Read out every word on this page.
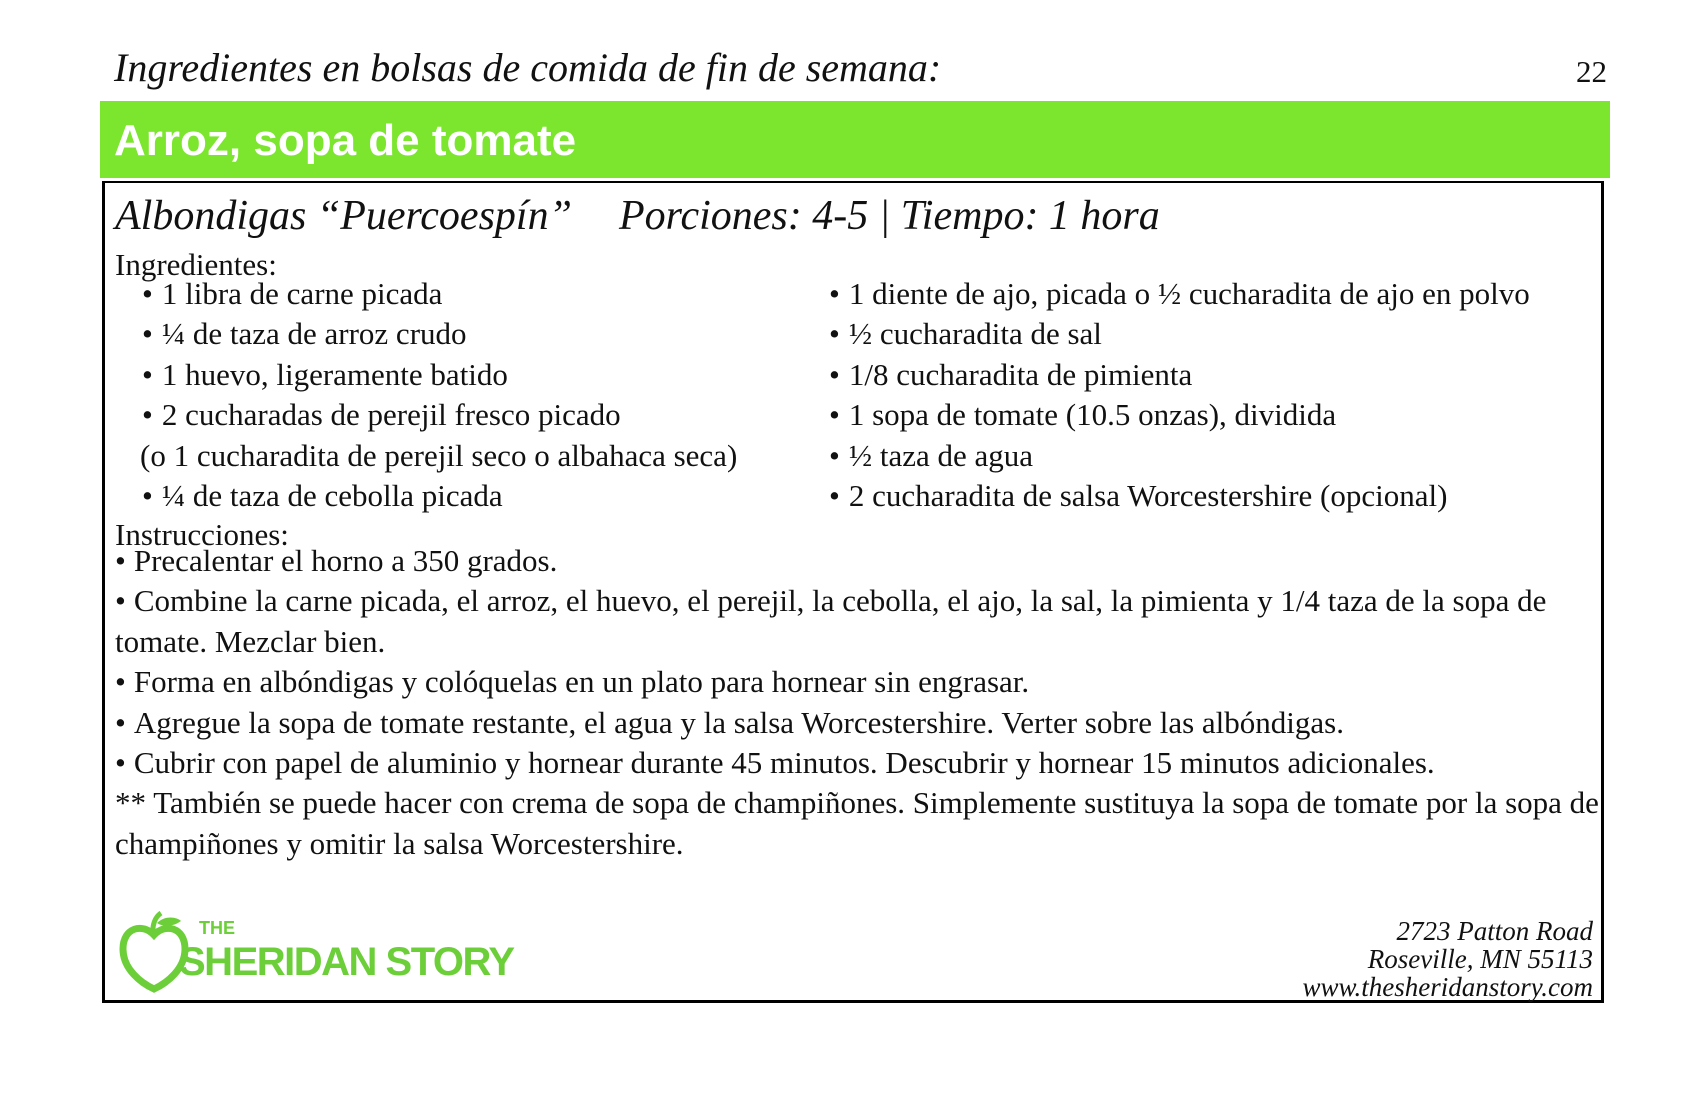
Ingredientes en bolsas de comida de fin de semana:	22
Arroz, sopa de tomate
Albondigas “Puercoespín” Porciones: 4-5 | Tiempo: 1 hora
Ingredientes:
• 1 libra de carne picada
• ¼ de taza de arroz crudo
• 1 huevo, ligeramente batido
• 2 cucharadas de perejil fresco picado
(o 1 cucharadita de perejil seco o albahaca seca)
• ¼ de taza de cebolla picada
• 1 diente de ajo, picada o ½ cucharadita de ajo en polvo
• ½ cucharadita de sal
• 1/8 cucharadita de pimienta
• 1 sopa de tomate (10.5 onzas), dividida
• ½ taza de agua
• 2 cucharadita de salsa Worcestershire (opcional)
Instrucciones:
• Precalentar el horno a 350 grados.
• Combine la carne picada, el arroz, el huevo, el perejil, la cebolla, el ajo, la sal, la pimienta y 1/4 taza de la sopa de tomate. Mezclar bien.
• Forma en albóndigas y colóquelas en un plato para hornear sin engrasar.
• Agregue la sopa de tomate restante, el agua y la salsa Worcestershire. Verter sobre las albóndigas.
• Cubrir con papel de aluminio y hornear durante 45 minutos. Descubrir y hornear 15 minutos adicionales.
** También se puede hacer con crema de sopa de champiñones. Simplemente sustituya la sopa de tomate por la sopa de champiñones y omitir la salsa Worcestershire.
THE
SHERIDAN STORY
2723 Patton Road
Roseville, MN 55113
www.thesheridanstory.com
